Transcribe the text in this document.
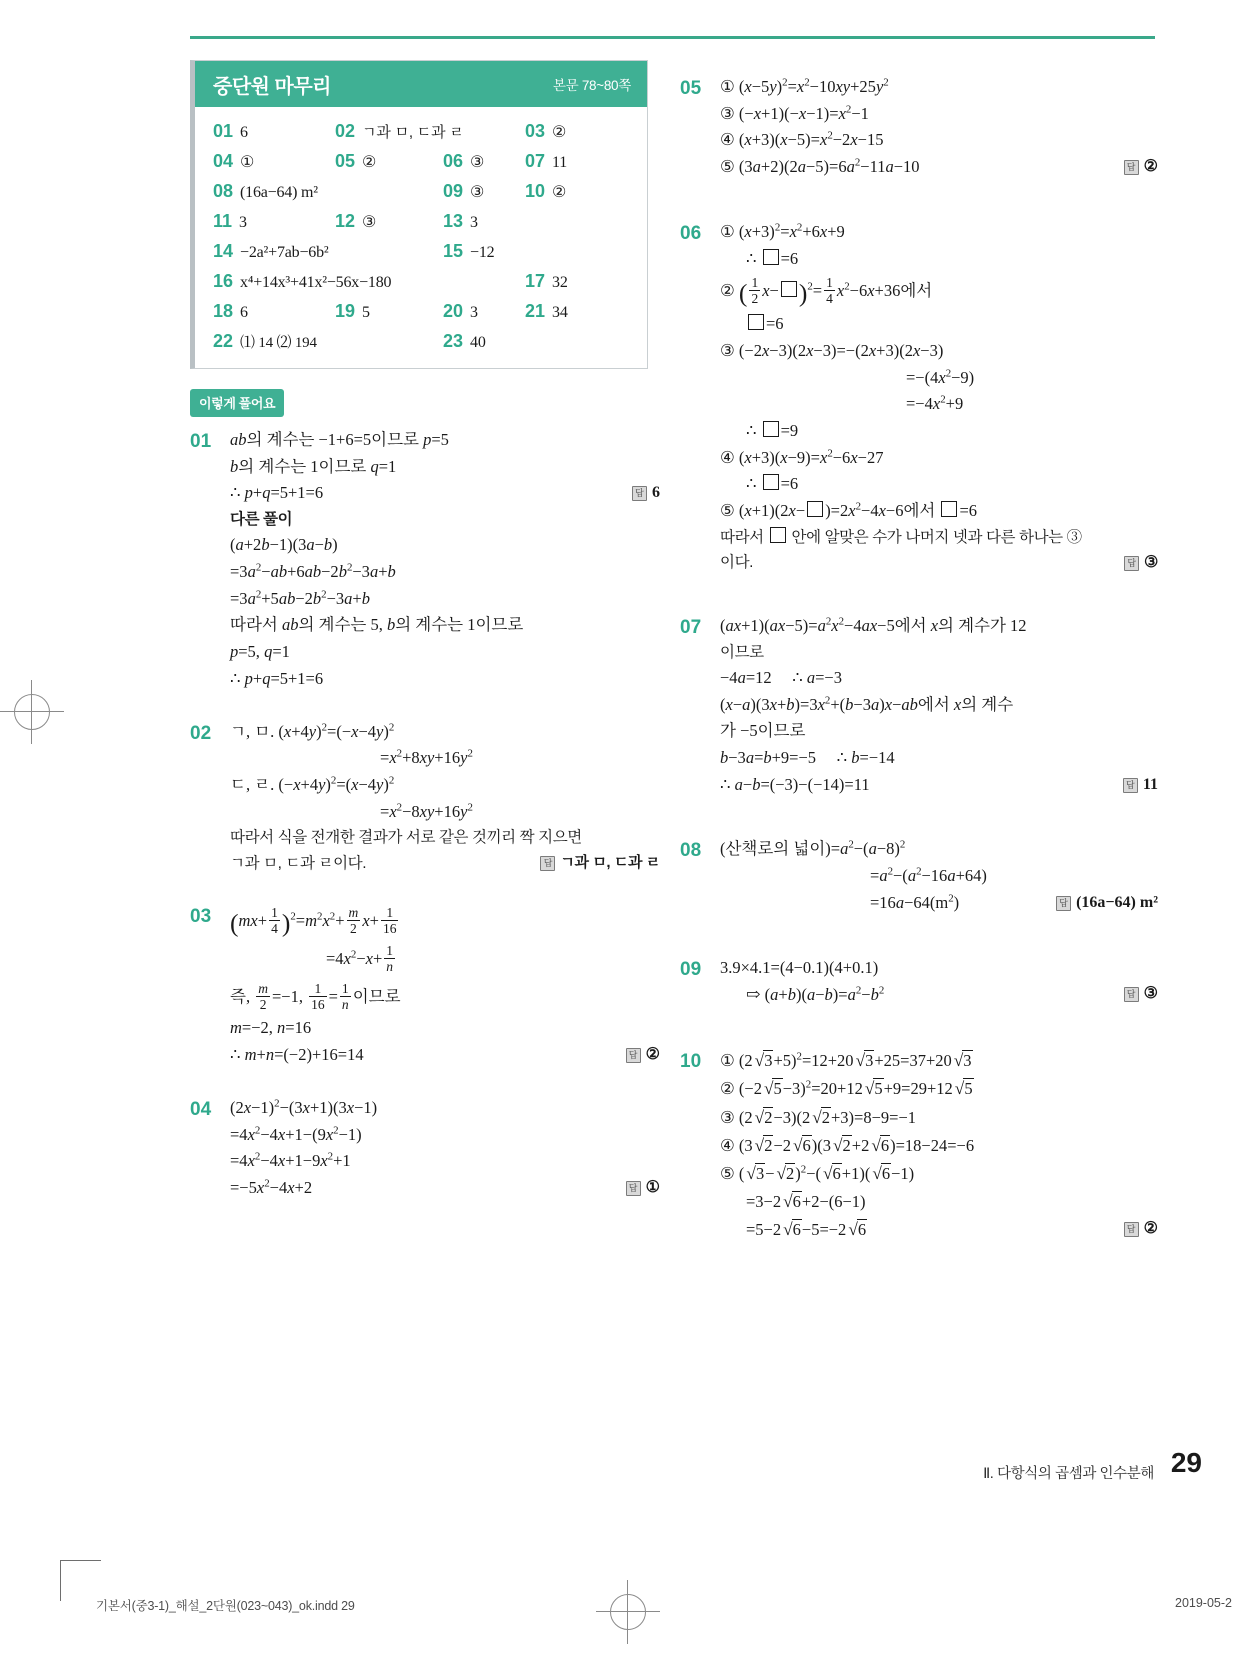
중단원 마무리	본문 78~80쪽
01 6	02 ㄱ과 ㅁ, ㄷ과 ㄹ	03 ②
04 ①	05 ②	06 ③ 07 11
08 (16a−64) m²	09 ③ 10 ②
11 3	12 ③	13 3
14 −2a²+7ab−6b²	15 −12
16 x⁴+14x³+41x²−56x−180	17 32
18 6	19 5	20 3	21 34
22 ⑴ 14 ⑵ 194	23 40
이렇게 풀어요
01	ab의 계수는 −1+6=5이므로 p=5
b의 계수는 1이므로 q=1
∴ p+q=5+1=6	답 6
다른 풀이
(a+2b−1)(3a−b)
$=3a^2-ab+6ab-2b^2-3a+b$
$=3a^2+5ab-2b^2-3a+b$
따라서 ab의 계수는 5, b의 계수는 1이므로
p=5, q=1
∴ p+q=5+1=6
02	ㄱ, ㅁ. $(x+4y)^2=(-x-4y)^2$
$=x^2+8xy+16y^2$
ㄷ, ㄹ. $(-x+4y)^2=(x-4y)^2$
$=x^2-8xy+16y^2$
따라서 식을 전개한 결과가 서로 같은 것끼리 짝 지으면
ㄱ과 ㅁ, ㄷ과 ㄹ이다.	답 ㄱ과 ㅁ, ㄷ과 ㄹ
03 $(mx+ \frac{1}{4} )^2=m^2x^2+ \frac{m}{2} x+ \frac{1}{16}$
$=4x^2-x+ \frac{1}{n}$
즉, $\frac{m}{2} =-1$, $\frac{1}{16} = \frac{1}{n}$ 이므로
m=−2, n=16
∴ m+n=(−2)+16=14	답 ②
04	$(2x-1)^2-(3x+1)(3x-1)$
$=4x^2-4x+1-(9x^2-1)$
$=4x^2-4x+1-9x^2+1$
$=-5x^2-4x+2$	답 ①
05	① $(x-5y)^2=x^2-10xy+25y^2$
③ $(-x+1)(-x-1)=x^2-1$
④ $(x+3)(x-5)=x^2-2x-15$
⑤ $(3a+2)(2a-5)=6a^2-11a-10$	답 ②
06	① $(x+3)^2=x^2+6x+9$
∴ =6
② ( $\frac{1}{2} x- )^2= \frac{1}{4} x^2-6x+36$에서
=6
③ (−2x−3)(2x−3)=−(2x+3)(2x−3)
$=-(4x^2-9)$
$=-4x^2+9$
∴ =9
④ $(x+3)(x-9)=x^2-6x-27$
∴ =6
⑤ $(x+1)(2x- )=2x^2-4x-6$에서 =6
따라서  안에 알맞은 수가 나머지 넷과 다른 하나는 ③
이다.	답 ③
07	$(ax+1)(ax-5)=a^2x^2-4ax-5$에서 x의 계수가 12
이므로
−4a=12     ∴ a=−3
$(x-a)(3x+b)=3x^2+(b-3a)x-ab$에서 x의 계수
가 −5이므로
b−3a=b+9=−5     ∴ b=−14
∴ a−b=(−3)−(−14)=11	답 11
08	(산책로의 넓이)$=a^2-(a-8)^2$
$=a^2-(a^2-16a+64)$
$=16a-64(m^2)$	답 (16a−64) m²
09	3.9×4.1=(4−0.1)(4+0.1)
⇨ $(a+b)(a-b)=a^2-b^2$	답 ③
10	① (2 √3+5)$^2$=12+20 √3+25=37+20 √3
② (−2 √5−3)$^2$=20+12 √5+9=29+12 √5
③ (2 √2−3)(2 √2+3)=8−9=−1
④ (3 √2−2 √6)(3 √2+2 √6)=18−24=−6
⑤ ( √3− √2)$^2$−( √6+1)( √6−1)
=3−2 √6+2−(6−1)
=5−2 √6−5=−2 √6	답 ②
Ⅱ. 다항식의 곱셈과 인수분해 29
기본서(중3-1)_해설_2단원(023~043)_ok.indd 29	2019-05-2
